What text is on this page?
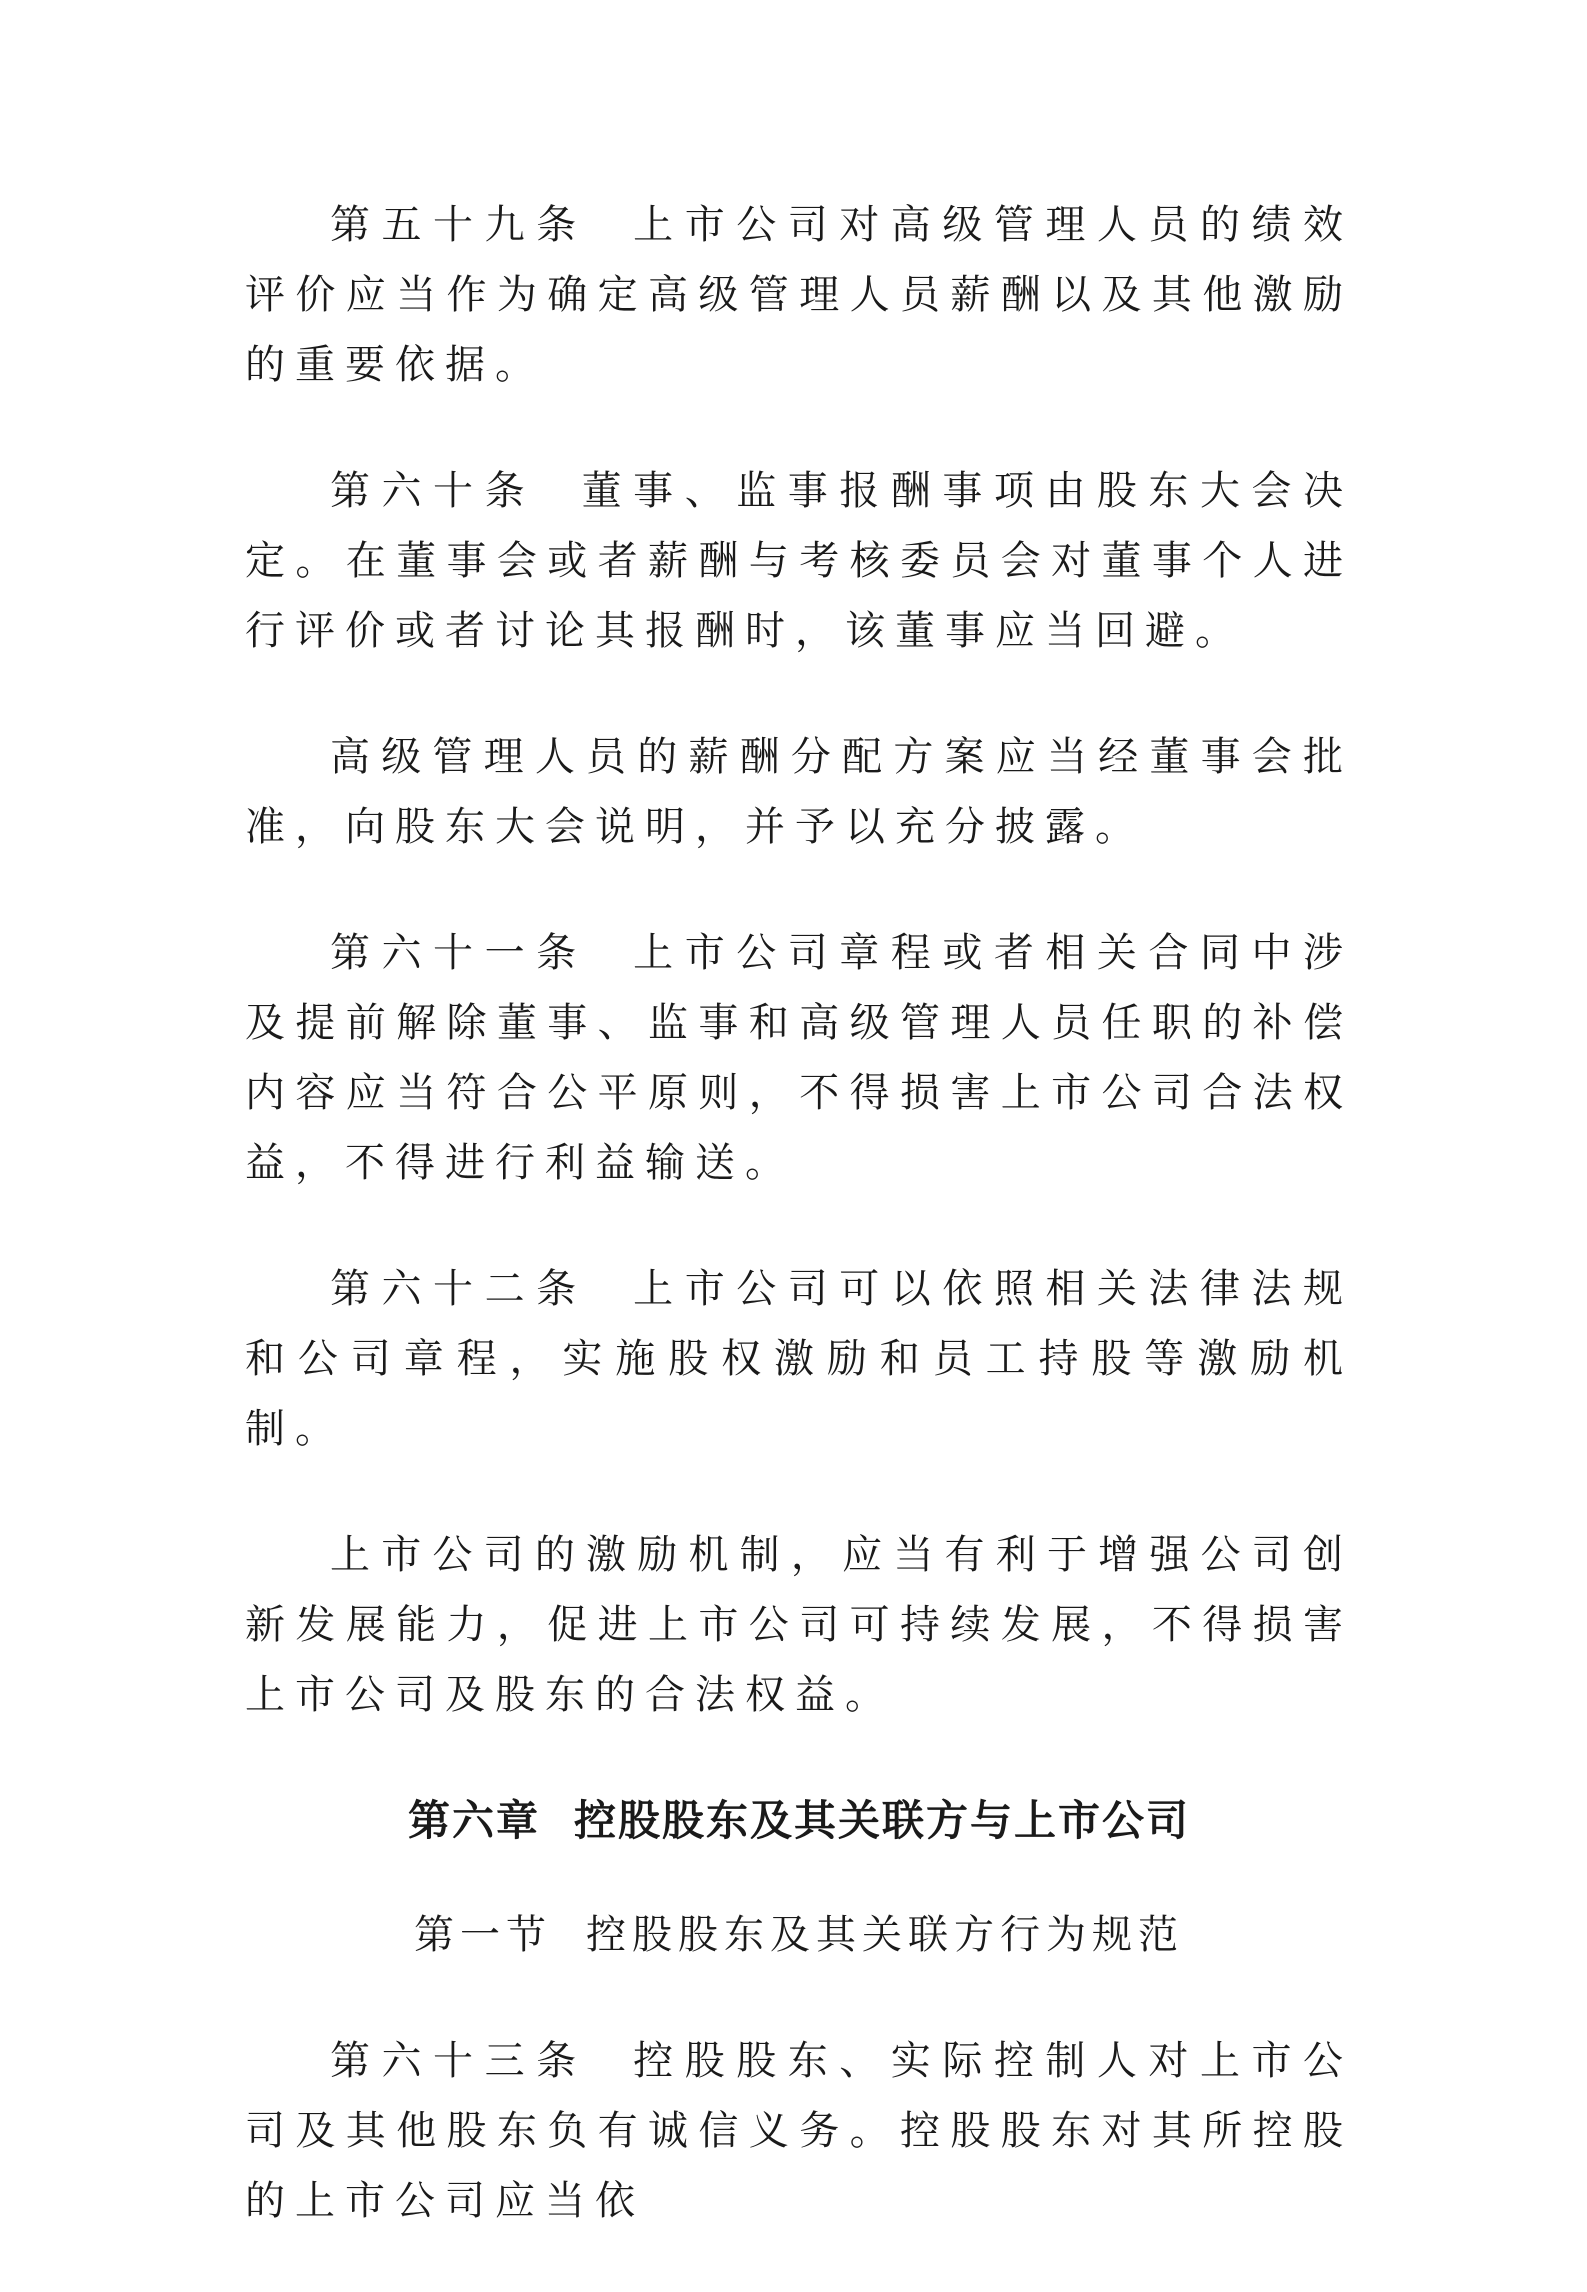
第五十九条 上市公司对高级管理人员的绩效评价应当作为确定高级管理人员薪酬以及其他激励的重要依据。

第六十条 董事、监事报酬事项由股东大会决定。在董事会或者薪酬与考核委员会对董事个人进行评价或者讨论其报酬时，该董事应当回避。

高级管理人员的薪酬分配方案应当经董事会批准，向股东大会说明，并予以充分披露。

第六十一条 上市公司章程或者相关合同中涉及提前解除董事、监事和高级管理人员任职的补偿内容应当符合公平原则，不得损害上市公司合法权益，不得进行利益输送。

第六十二条 上市公司可以依照相关法律法规和公司章程，实施股权激励和员工持股等激励机制。

上市公司的激励机制，应当有利于增强公司创新发展能力，促进上市公司可持续发展，不得损害上市公司及股东的合法权益。

第六章 控股股东及其关联方与上市公司
第一节 控股股东及其关联方行为规范

第六十三条 控股股东、实际控制人对上市公司及其他股东负有诚信义务。控股股东对其所控股的上市公司应当依
